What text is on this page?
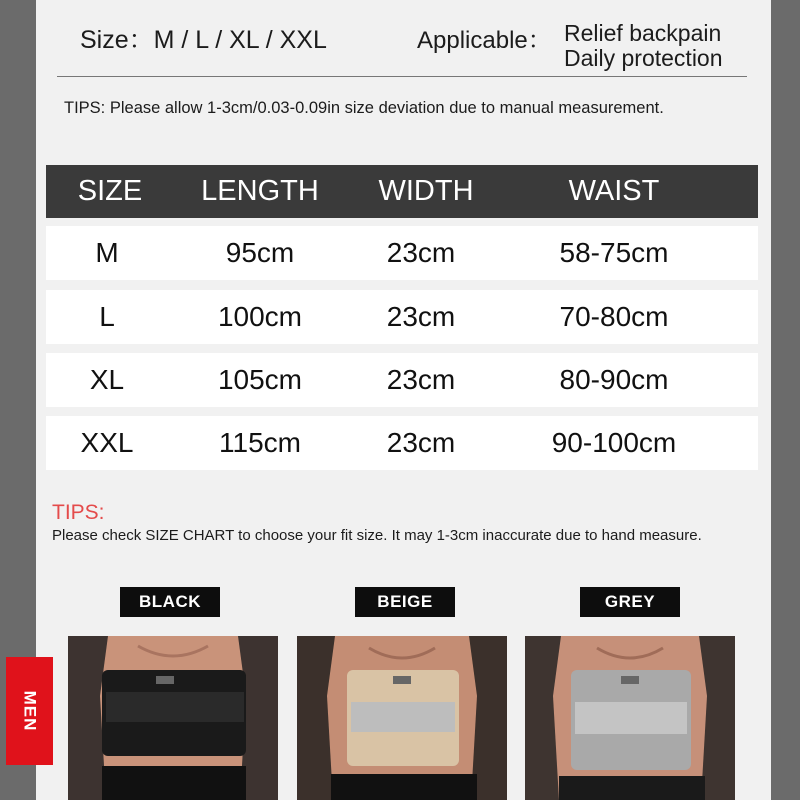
Size：M / L / XL / XXL	Applicable： Relief backpain
Daily protection
TIPS: Please allow 1-3cm/0.03-0.09in size deviation due to manual measurement.
SIZE	LENGTH	WIDTH	WAIST
M	95cm	23cm	58-75cm
L	100cm	23cm	70-80cm
XL	105cm	23cm	80-90cm
XXL	115cm	23cm	90-100cm
TIPS:
Please check SIZE CHART to choose your fit size. It may 1-3cm inaccurate due to hand measure.
BLACK	BEIGE	GREY
MEN
